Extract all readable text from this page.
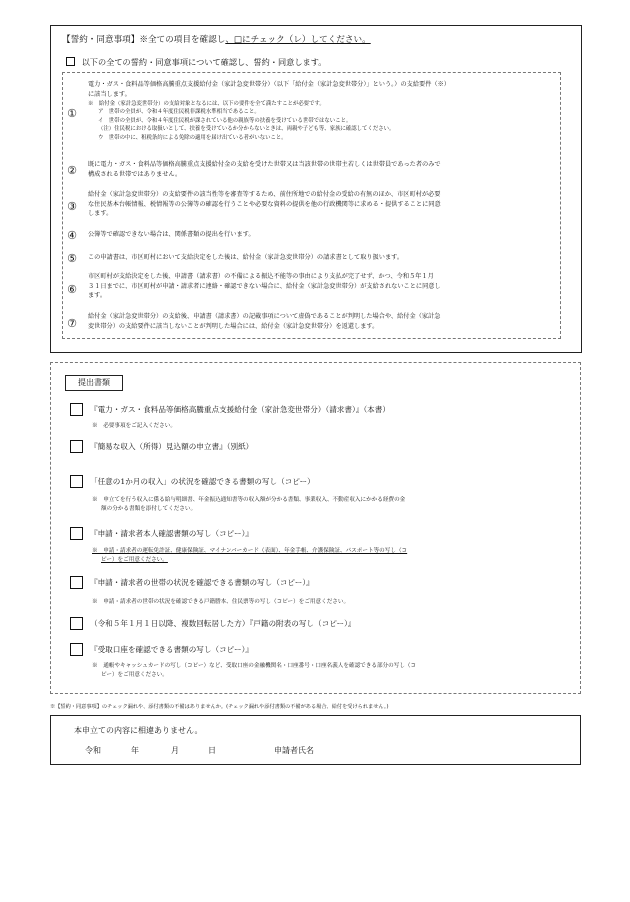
【誓約・同意事項】※全ての項目を確認し、□にチェック（レ）してください。
以下の全ての誓約・同意事項について確認し、誓約・同意します。
①
電力・ガス・食料品等価格高騰重点支援給付金（家計急変世帯分）（以下「給付金（家計急変世帯分）」という。）の支給要件（※）
に該当します。
※　給付金（家計急変世帯分）の支給対象となるには、以下の要件を全て満たすことが必要です。
ア　世帯の全員が、令和４年度住民税非課税水準相当であること。
イ　世帯の全員が、令和４年度住民税が課されている他の親族等の扶養を受けている世帯ではないこと。
（注）住民税における取扱いとして、扶養を受けているか分からないときは、両親や子ども等、家族に確認してください。
ウ　世帯の中に、租税条約による免除の適用を届け出ている者がいないこと。
②	既に電力・ガス・食料品等価格高騰重点支援給付金の支給を受けた世帯又は当該世帯の世帯主若しくは世帯員であった者のみで
構成される世帯ではありません。
③
給付金（家計急変世帯分）の支給要件の該当性等を審査等するため、前住所地での給付金の受給の有無のほか、市区町村が必要
な住民基本台帳情報、税情報等の公簿等の確認を行うことや必要な資料の提供を他の行政機関等に求める・提供することに同意
します。
④	公簿等で確認できない場合は、関係書類の提出を行います。
⑤	この申請書は、市区町村において支給決定をした後は、給付金（家計急変世帯分）の請求書として取り扱います。
⑥
市区町村が支給決定をした後、申請書（請求書）の不備による振込不能等の事由により支払が完了せず、かつ、令和５年１月
３１日までに、市区町村が申請・請求者に連絡・確認できない場合に、給付金（家計急変世帯分）が支給されないことに同意し
ます。
⑦
給付金（家計急変世帯分）の支給後、申請書（請求書）の記載事項について虚偽であることが判明した場合や、給付金（家計急
変世帯分）の支給要件に該当しないことが判明した場合には、給付金（家計急変世帯分）を返還します。
提出書類
『電力・ガス・食料品等価格高騰重点支援給付金（家計急変世帯分）（請求書）』（本書）
※　必要事項をご記入ください。
『簡易な収入（所得）見込額の申立書』（別紙）
「任意の1か月の収入」の状況を確認できる書類の写し（コピー）
※　申立てを行う収入に係る給与明細書、年金振込通知書等の収入額が分かる書類、事業収入、不動産収入にかかる経費の金
額の分かる書類を添付してください。
『申請・請求者本人確認書類の写し（コピー）』
※　申請・請求者の運転免許証、健康保険証、マイナンバーカード（表面）、年金手帳、介護保険証、パスポート等の写し（コ
ピー）をご用意ください。
『申請・請求者の世帯の状況を確認できる書類の写し（コピー）』
※　申請・請求者の世帯の状況を確認できる戸籍謄本、住民票等の写し（コピー）をご用意ください。
（令和５年１月１日以降、複数回転居した方）『戸籍の附表の写し（コピー）』
『受取口座を確認できる書類の写し（コピー）』
※　通帳やキャッシュカードの写し（コピー）など、受取口座の金融機関名・口座番号・口座名義人を確認できる部分の写し（コ
ピー）をご用意ください。
※【誓約・同意事項】のチェック漏れや、添付書類の不備はありませんか。(チェック漏れや添付書類の不備がある場合、給付を受けられません。)
本申立ての内容に相違ありません。
令和	年	月	日	申請者氏名
